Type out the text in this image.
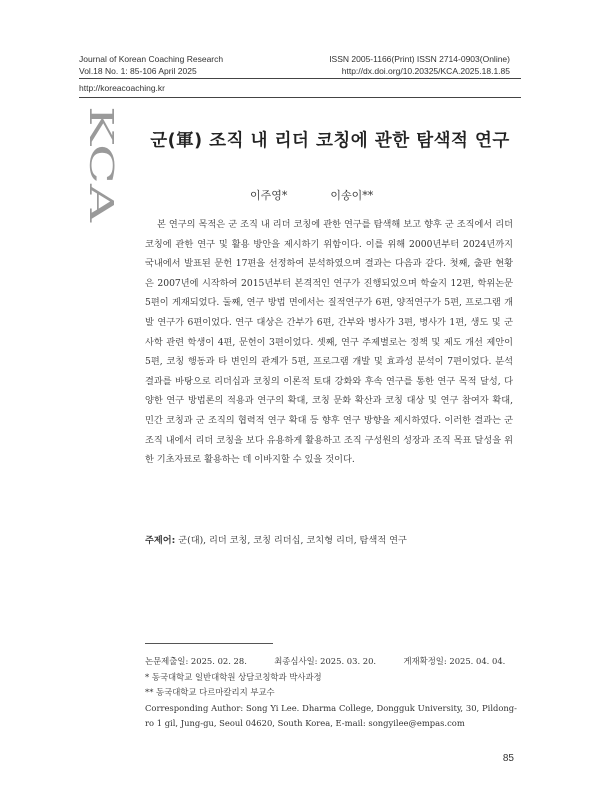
Journal of Korean Coaching Research
Vol.18 No. 1: 85-106 April 2025
ISSN 2005-1166(Print) ISSN 2714-0903(Online)
http://dx.doi.org/10.20325/KCA.2025.18.1.85
http://koreacoaching.kr
KCA	군(軍) 조직 내 리더 코칭에 관한 탐색적 연구
이주영*	이송이**
본 연구의 목적은 군 조직 내 리더 코칭에 관한 연구를 탐색해 보고 향후 군 조직에서 리더 코칭에 관한 연구 및 활용 방안을 제시하기 위함이다. 이를 위해 2000년부터 2024년까지 국내에서 발표된 문헌 17편을 선정하여 분석하였으며 결과는 다음과 같다. 첫째, 출판 현황은 2007년에 시작하여 2015년부터 본격적인 연구가 진행되었으며 학술지 12편, 학위논문 5편이 게재되었다. 둘째, 연구 방법 면에서는 질적연구가 6편, 양적연구가 5편, 프로그램 개발 연구가 6편이었다. 연구 대상은 간부가 6편, 간부와 병사가 3편, 병사가 1편, 생도 및 군사학 관련 학생이 4편, 문헌이 3편이었다. 셋째, 연구 주제별로는 정책 및 제도 개선 제안이 5편, 코칭 행동과 타 변인의 관계가 5편, 프로그램 개발 및 효과성 분석이 7편이었다. 분석 결과를 바탕으로 리더십과 코칭의 이론적 토대 강화와 후속 연구를 통한 연구 목적 달성, 다양한 연구 방법론의 적용과 연구의 확대, 코칭 문화 확산과 코칭 대상 및 연구 참여자 확대, 민간 코칭과 군 조직의 협력적 연구 확대 등 향후 연구 방향을 제시하였다. 이러한 결과는 군 조직 내에서 리더 코칭을 보다 유용하게 활용하고 조직 구성원의 성장과 조직 목표 달성을 위한 기초자료로 활용하는 데 이바지할 수 있을 것이다.
주제어: 군(대), 리더 코칭, 코칭 리더십, 코치형 리더, 탐색적 연구
논문제출일: 2025. 02. 28.	최종심사일: 2025. 03. 20.	게재확정일: 2025. 04. 04.
* 동국대학교 일반대학원 상담코칭학과 박사과정
** 동국대학교 다르마칼리지 부교수
Corresponding Author: Song Yi Lee. Dharma College, Dongguk University, 30, Pildong-ro 1 gil, Jung-gu, Seoul 04620, South Korea, E-mail: songyilee@empas.com
85
